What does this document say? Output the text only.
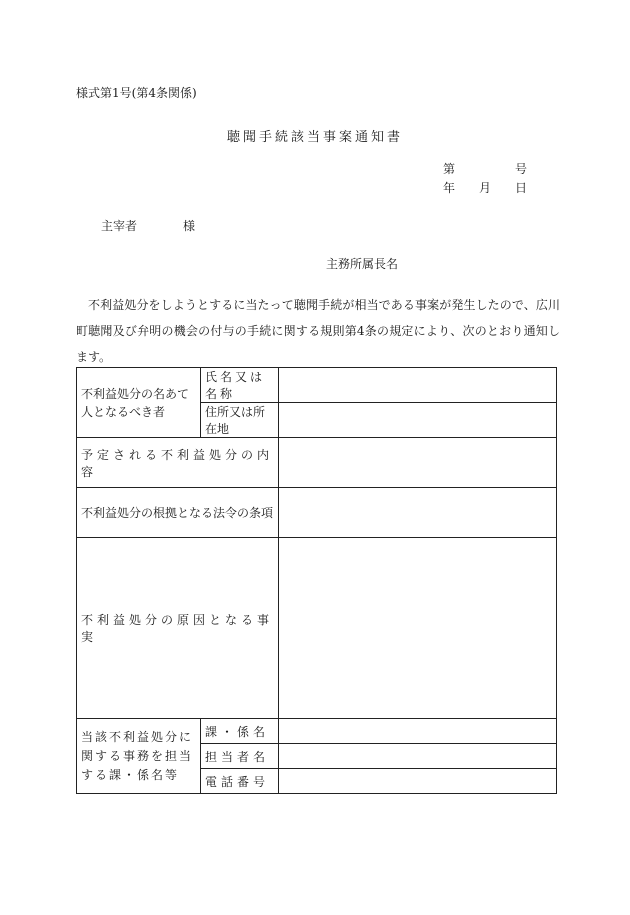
様式第1号(第4条関係)
聴聞手続該当事案通知書
第	号
年 月 日
主宰者	様
主務所属長名
不利益処分をしようとするに当たって聴聞手続が相当である事案が発生したので、広川町聴聞及び弁明の機会の付与の手続に関する規則第4条の規定により、次のとおり通知します。
不利益処分の名あて人となるべき者	氏名又は名称	
	住所又は所在地	
予定される不利益処分の内容		
不利益処分の根拠となる法令の条項		
不利益処分の原因となる事実		
当該不利益処分に関する事務を担当する課・係名等	課・係名	
	担当者名	
	電話番号	
